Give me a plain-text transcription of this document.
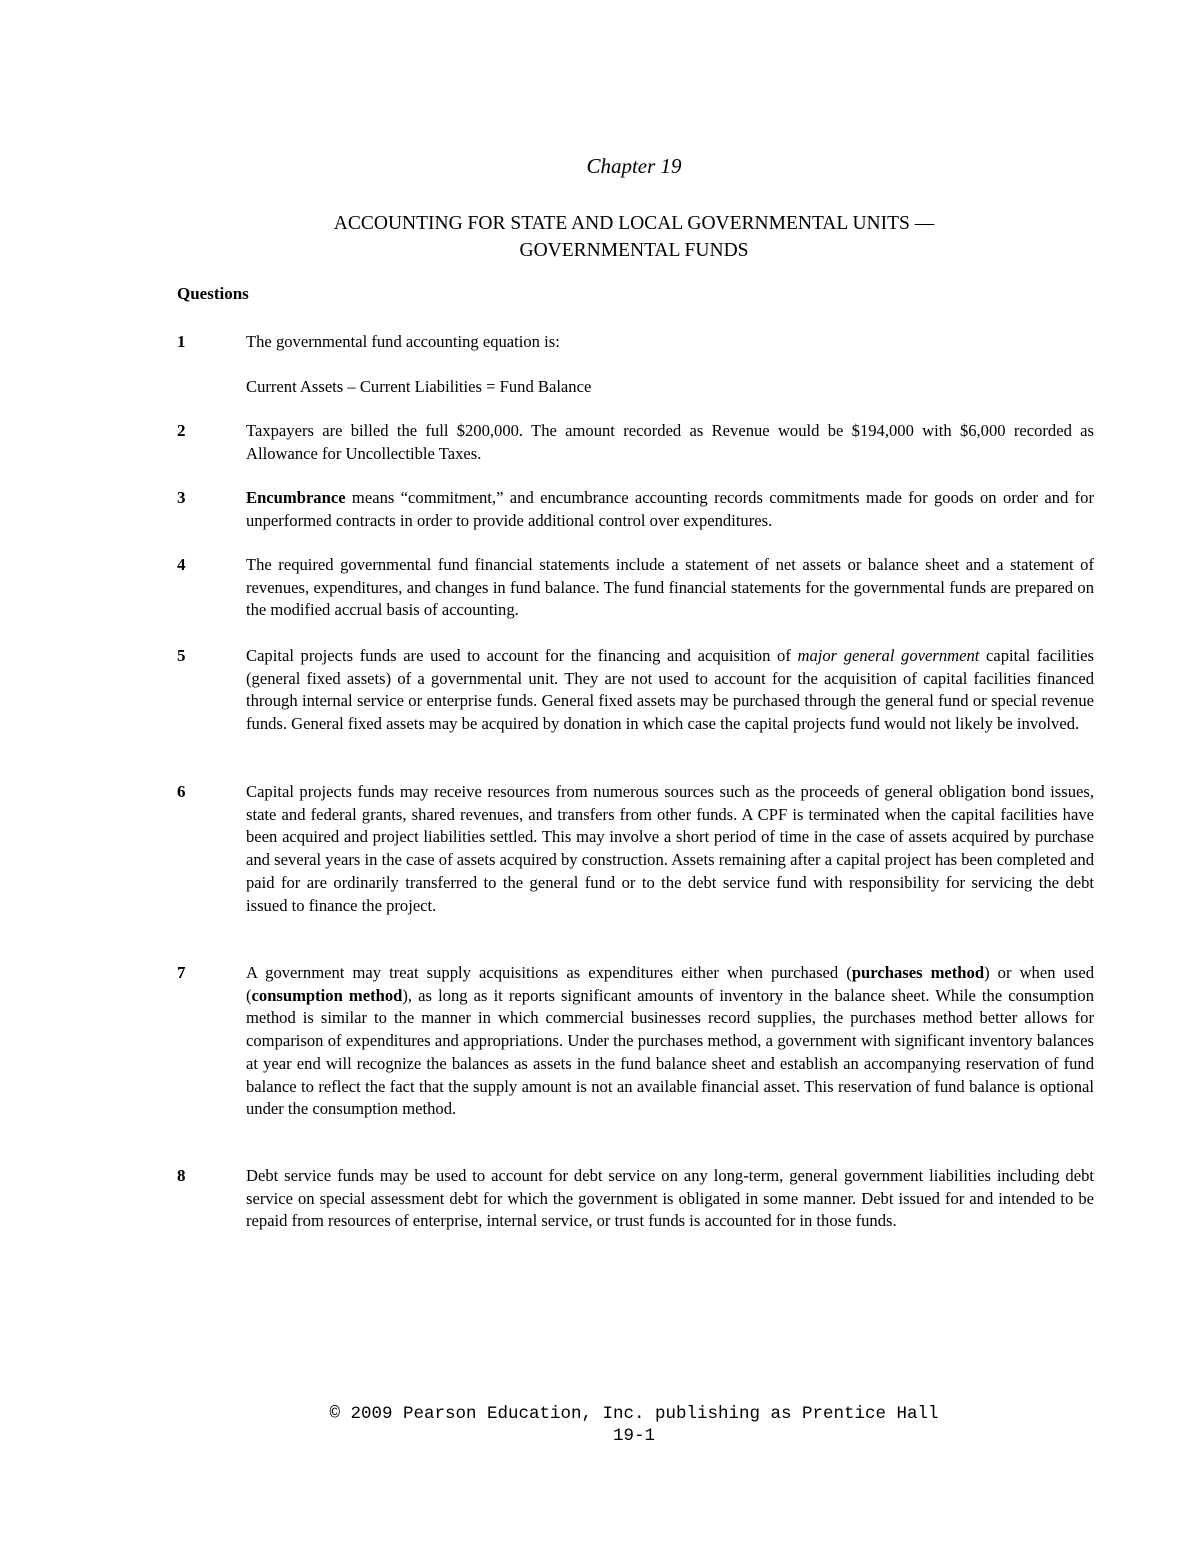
Chapter 19
ACCOUNTING FOR STATE AND LOCAL GOVERNMENTAL UNITS —
GOVERNMENTAL FUNDS
Questions
1	The governmental fund accounting equation is:

Current Assets – Current Liabilities = Fund Balance

2	Taxpayers are billed the full $200,000. The amount recorded as Revenue would be $194,000 with $6,000 recorded as Allowance for Uncollectible Taxes.

3	Encumbrance means “commitment,” and encumbrance accounting records commitments made for goods on order and for unperformed contracts in order to provide additional control over expenditures.

4	The required governmental fund financial statements include a statement of net assets or balance sheet and a statement of revenues, expenditures, and changes in fund balance. The fund financial statements for the governmental funds are prepared on the modified accrual basis of accounting.

5	Capital projects funds are used to account for the financing and acquisition of major general government capital facilities (general fixed assets) of a governmental unit. They are not used to account for the acquisition of capital facilities financed through internal service or enterprise funds. General fixed assets may be purchased through the general fund or special revenue funds. General fixed assets may be acquired by donation in which case the capital projects fund would not likely be involved.

6	Capital projects funds may receive resources from numerous sources such as the proceeds of general obligation bond issues, state and federal grants, shared revenues, and transfers from other funds. A CPF is terminated when the capital facilities have been acquired and project liabilities settled. This may involve a short period of time in the case of assets acquired by purchase and several years in the case of assets acquired by construction. Assets remaining after a capital project has been completed and paid for are ordinarily transferred to the general fund or to the debt service fund with responsibility for servicing the debt issued to finance the project.

7	A government may treat supply acquisitions as expenditures either when purchased (purchases method) or when used (consumption method), as long as it reports significant amounts of inventory in the balance sheet. While the consumption method is similar to the manner in which commercial businesses record supplies, the purchases method better allows for comparison of expenditures and appropriations. Under the purchases method, a government with significant inventory balances at year end will recognize the balances as assets in the fund balance sheet and establish an accompanying reservation of fund balance to reflect the fact that the supply amount is not an available financial asset. This reservation of fund balance is optional under the consumption method.

8	Debt service funds may be used to account for debt service on any long-term, general government liabilities including debt service on special assessment debt for which the government is obligated in some manner. Debt issued for and intended to be repaid from resources of enterprise, internal service, or trust funds is accounted for in those funds.

© 2009 Pearson Education, Inc. publishing as Prentice Hall
19-1
